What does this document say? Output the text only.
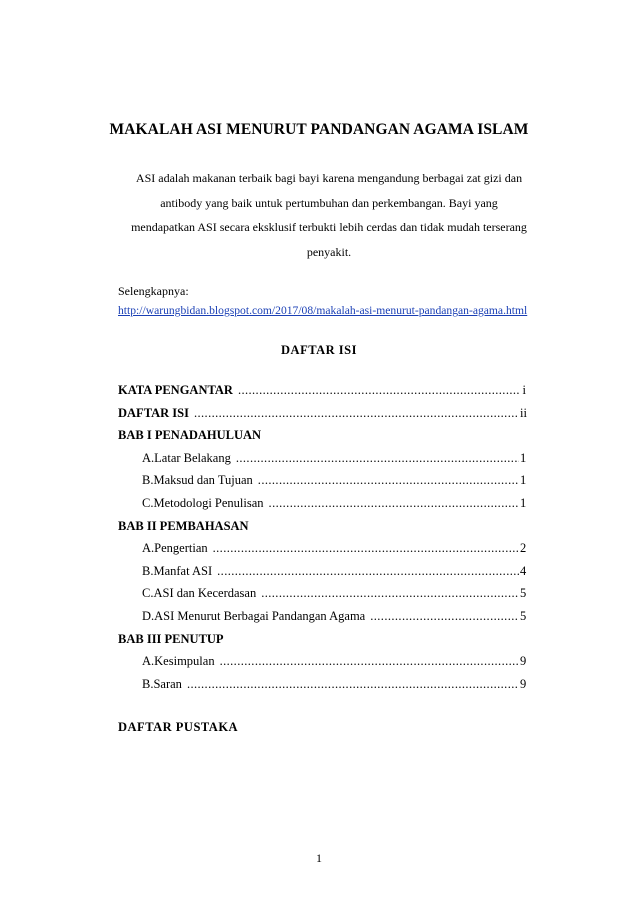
MAKALAH ASI MENURUT PANDANGAN AGAMA ISLAM
ASI adalah makanan terbaik bagi bayi karena mengandung berbagai zat gizi dan
antibody yang baik untuk pertumbuhan dan perkembangan. Bayi yang
mendapatkan ASI secara eksklusif terbukti lebih cerdas dan tidak mudah terserang
penyakit.
Selengkapnya:
http://warungbidan.blogspot.com/2017/08/makalah-asi-menurut-pandangan-agama.html
DAFTAR ISI
KATA PENGANTAR .....	i
DAFTAR ISI .....	ii
BAB I PENADAHULUAN
A. Latar Belakang .....	1
B. Maksud dan Tujuan .....	1
C. Metodologi Penulisan .....	1
BAB II PEMBAHASAN
A. Pengertian .....	2
B. Manfat ASI .....	4
C. ASI dan Kecerdasan .....	5
D. ASI Menurut Berbagai Pandangan Agama .....	5
BAB III PENUTUP
A. Kesimpulan .....	9
B. Saran .....	9
DAFTAR PUSTAKA
1
